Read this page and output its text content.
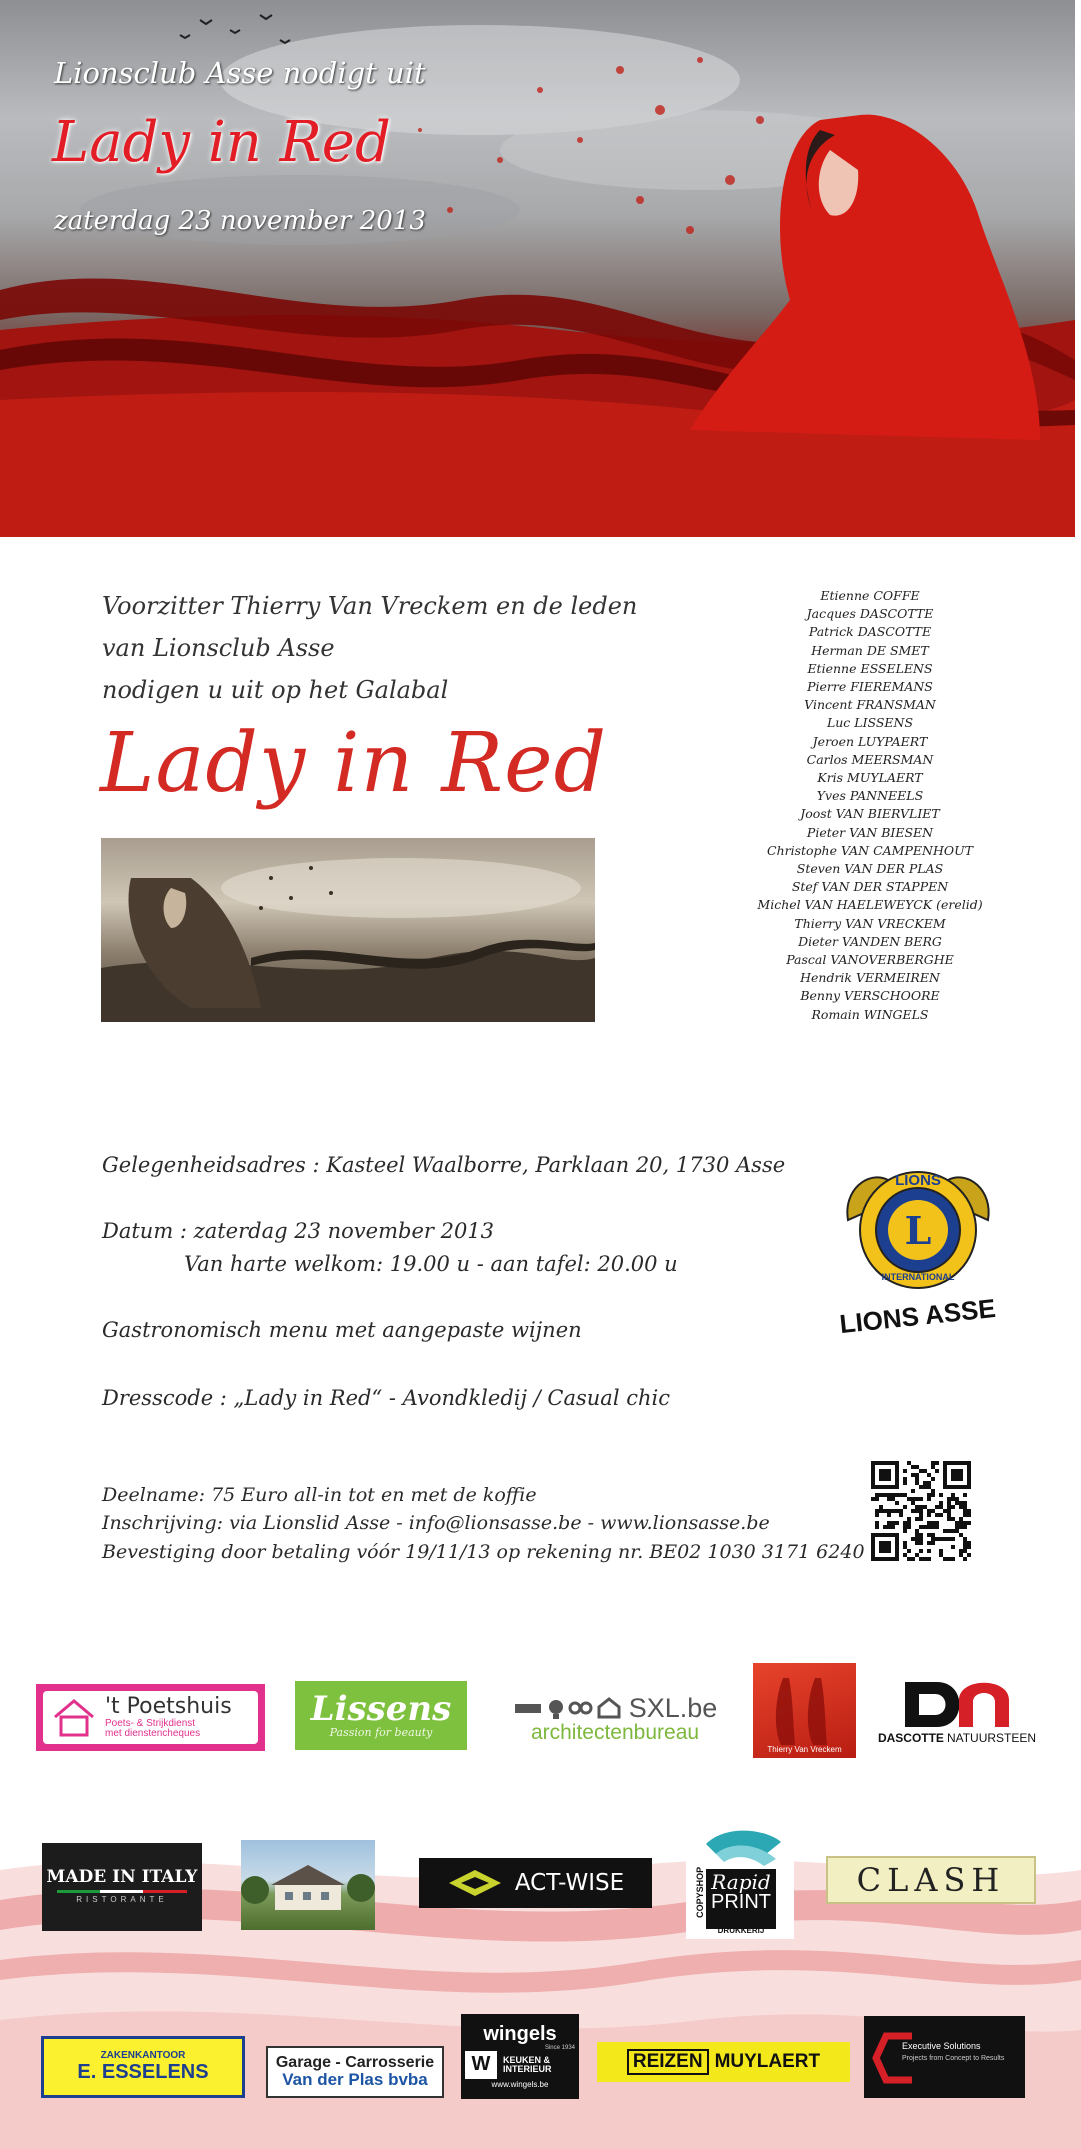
Lionsclub Asse nodigt uit
Lady in Red
zaterdag 23 november 2013
Voorzitter Thierry Van Vreckem en de leden
van Lionsclub Asse
nodigen u uit op het Galabal
Lady in Red
Etienne COFFE
Jacques DASCOTTE
Patrick DASCOTTE
Herman DE SMET
Etienne ESSELENS
Pierre FIEREMANS
Vincent FRANSMAN
Luc LISSENS
Jeroen LUYPAERT
Carlos MEERSMAN
Kris MUYLAERT
Yves PANNEELS
Joost VAN BIERVLIET
Pieter VAN BIESEN
Christophe VAN CAMPENHOUT
Steven VAN DER PLAS
Stef VAN DER STAPPEN
Michel VAN HAELEWEYCK (erelid)
Thierry VAN VRECKEM
Dieter VANDEN BERG
Pascal VANOVERBERGHE
Hendrik VERMEIREN
Benny VERSCHOORE
Romain WINGELS
Gelegenheidsadres : Kasteel Waalborre, Parklaan 20, 1730 Asse
Datum : zaterdag 23 november 2013
Van harte welkom: 19.00 u - aan tafel: 20.00 u
Gastronomisch menu met aangepaste wijnen
Dresscode : „Lady in Red“ - Avondkledij / Casual chic
Deelname: 75 Euro all-in tot en met de koffie
Inschrijving: via Lionslid Asse - info@lionsasse.be - www.lionsasse.be
Bevestiging door betaling vóór 19/11/13 op rekening nr. BE02 1030 3171 6240
L
LIONS
INTERNATIONAL
LIONS ASSE
't Poetshuis
Poets- & Strijkdienst
met dienstencheques
Lissens
Passion for beauty
SXL.be
architectenbureau
Thierry Van Vreckem
DASCOTTE NATUURSTEEN
MADE IN ITALY
RISTORANTE
ACT-WISE	COPYSHOP Rapid
PRINT
DRUKKERIJ
CLASH
ZAKENKANTOOR
E. ESSELENS	Garage - Carrosserie
Van der Plas bvba
wingels
Since 1934
W KEUKEN &
INTERIEUR
www.wingels.be
REIZEN MUYLAERT
Executive Solutions
Projects from Concept to Results
